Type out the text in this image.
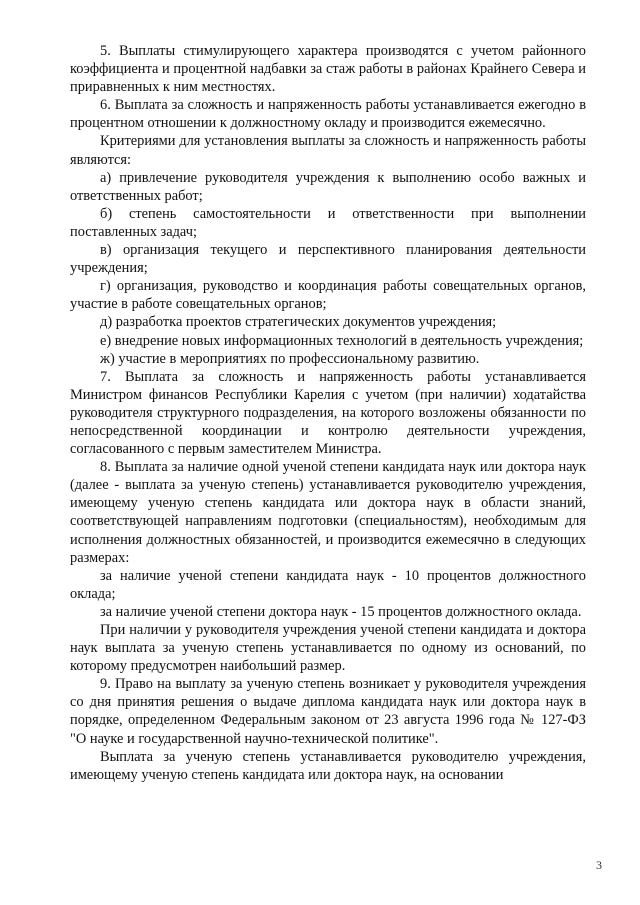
5. Выплаты стимулирующего характера производятся с учетом районного коэффициента и процентной надбавки за стаж работы в районах Крайнего Севера и приравненных к ним местностях.

6. Выплата за сложность и напряженность работы устанавливается ежегодно в процентном отношении к должностному окладу и производится ежемесячно.

Критериями для установления выплаты за сложность и напряженность работы являются:

а) привлечение руководителя учреждения к выполнению особо важных и ответственных работ;

б) степень самостоятельности и ответственности при выполнении поставленных задач;

в) организация текущего и перспективного планирования деятельности учреждения;

г) организация, руководство и координация работы совещательных органов, участие в работе совещательных органов;

д) разработка проектов стратегических документов учреждения;

е) внедрение новых информационных технологий в деятельность учреждения;

ж) участие в мероприятиях по профессиональному развитию.

7. Выплата за сложность и напряженность работы устанавливается Министром финансов Республики Карелия с учетом (при наличии) ходатайства руководителя структурного подразделения, на которого возложены обязанности по непосредственной координации и контролю деятельности учреждения, согласованного с первым заместителем Министра.

8. Выплата за наличие одной ученой степени кандидата наук или доктора наук (далее - выплата за ученую степень) устанавливается руководителю учреждения, имеющему ученую степень кандидата или доктора наук в области знаний, соответствующей направлениям подготовки (специальностям), необходимым для исполнения должностных обязанностей, и производится ежемесячно в следующих размерах:

за наличие ученой степени кандидата наук - 10 процентов должностного оклада;

за наличие ученой степени доктора наук - 15 процентов должностного оклада.

При наличии у руководителя учреждения ученой степени кандидата и доктора наук выплата за ученую степень устанавливается по одному из оснований, по которому предусмотрен наибольший размер.

9. Право на выплату за ученую степень возникает у руководителя учреждения со дня принятия решения о выдаче диплома кандидата наук или доктора наук в порядке, определенном Федеральным законом от 23 августа 1996 года № 127-ФЗ "О науке и государственной научно-технической политике".

Выплата за ученую степень устанавливается руководителю учреждения, имеющему ученую степень кандидата или доктора наук, на основании

3
